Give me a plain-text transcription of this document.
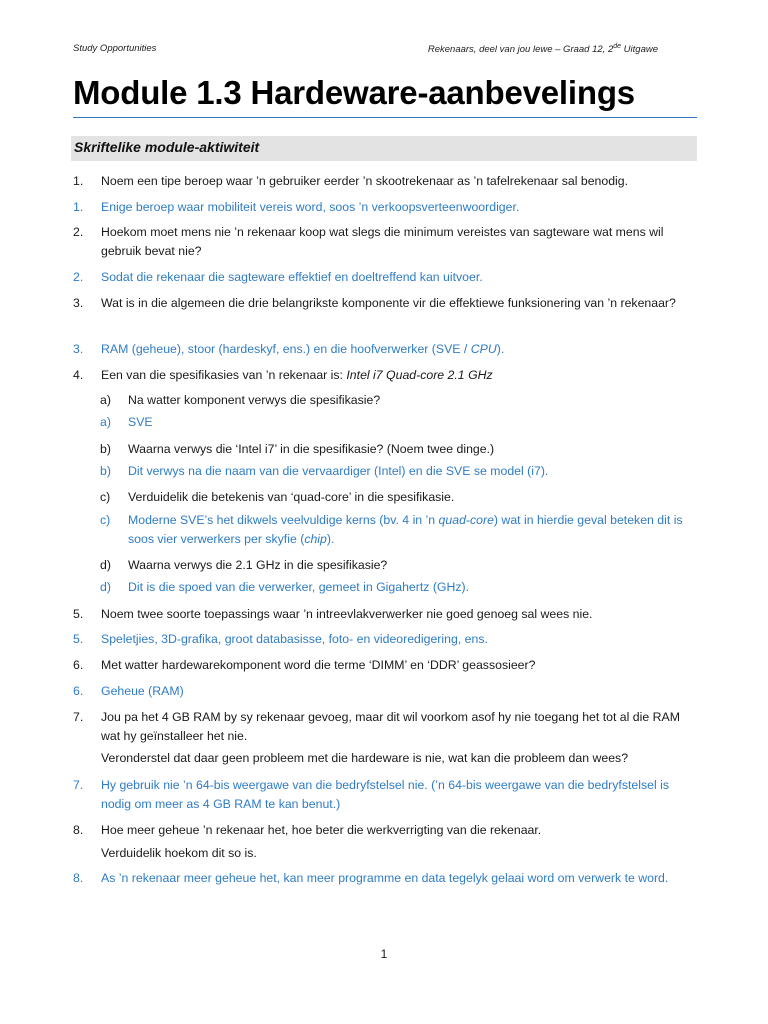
Study Opportunities	Rekenaars, deel van jou lewe – Graad 12, 2de Uitgawe
Module 1.3 Hardeware-aanbevelings
Skriftelike module-aktiwiteit
1. Noem een tipe beroep waar ’n gebruiker eerder ’n skootrekenaar as ’n tafelrekenaar sal benodig.
1. Enige beroep waar mobiliteit vereis word, soos ’n verkoopsverteenwoordiger.
2. Hoekom moet mens nie ’n rekenaar koop wat slegs die minimum vereistes van sagteware wat mens wil gebruik bevat nie?
2. Sodat die rekenaar die sagteware effektief en doeltreffend kan uitvoer.
3. Wat is in die algemeen die drie belangrikste komponente vir die effektiewe funksionering van ’n rekenaar?
3. RAM (geheue), stoor (hardeskyf, ens.) en die hoofverwerker (SVE / CPU).
4. Een van die spesifikasies van ’n rekenaar is: Intel i7 Quad-core 2.1 GHz
a) Na watter komponent verwys die spesifikasie?
a) SVE
b) Waarna verwys die ‘Intel i7’ in die spesifikasie? (Noem twee dinge.)
b) Dit verwys na die naam van die vervaardiger (Intel) en die SVE se model (i7).
c) Verduidelik die betekenis van ‘quad-core’ in die spesifikasie.
c) Moderne SVE’s het dikwels veelvuldige kerns (bv. 4 in ’n quad-core) wat in hierdie geval beteken dit is soos vier verwerkers per skyfie (chip).
d) Waarna verwys die 2.1 GHz in die spesifikasie?
d) Dit is die spoed van die verwerker, gemeet in Gigahertz (GHz).
5. Noem twee soorte toepassings waar ’n intreevlakverwerker nie goed genoeg sal wees nie.
5. Speletjies, 3D-grafika, groot databasisse, foto- en videoredigering, ens.
6. Met watter hardewarekomponent word die terme ‘DIMM’ en ‘DDR’ geassosieer?
6. Geheue (RAM)
7. Jou pa het 4 GB RAM by sy rekenaar gevoeg, maar dit wil voorkom asof hy nie toegang het tot al die RAM wat hy geïnstalleer het nie.
Veronderstel dat daar geen probleem met die hardeware is nie, wat kan die probleem dan wees?
7. Hy gebruik nie ’n 64-bis weergawe van die bedryfstelsel nie. (’n 64-bis weergawe van die bedryfstelsel is nodig om meer as 4 GB RAM te kan benut.)
8. Hoe meer geheue ’n rekenaar het, hoe beter die werkverrigting van die rekenaar.
Verduidelik hoekom dit so is.
8. As ’n rekenaar meer geheue het, kan meer programme en data tegelyk gelaai word om verwerk te word.
1
